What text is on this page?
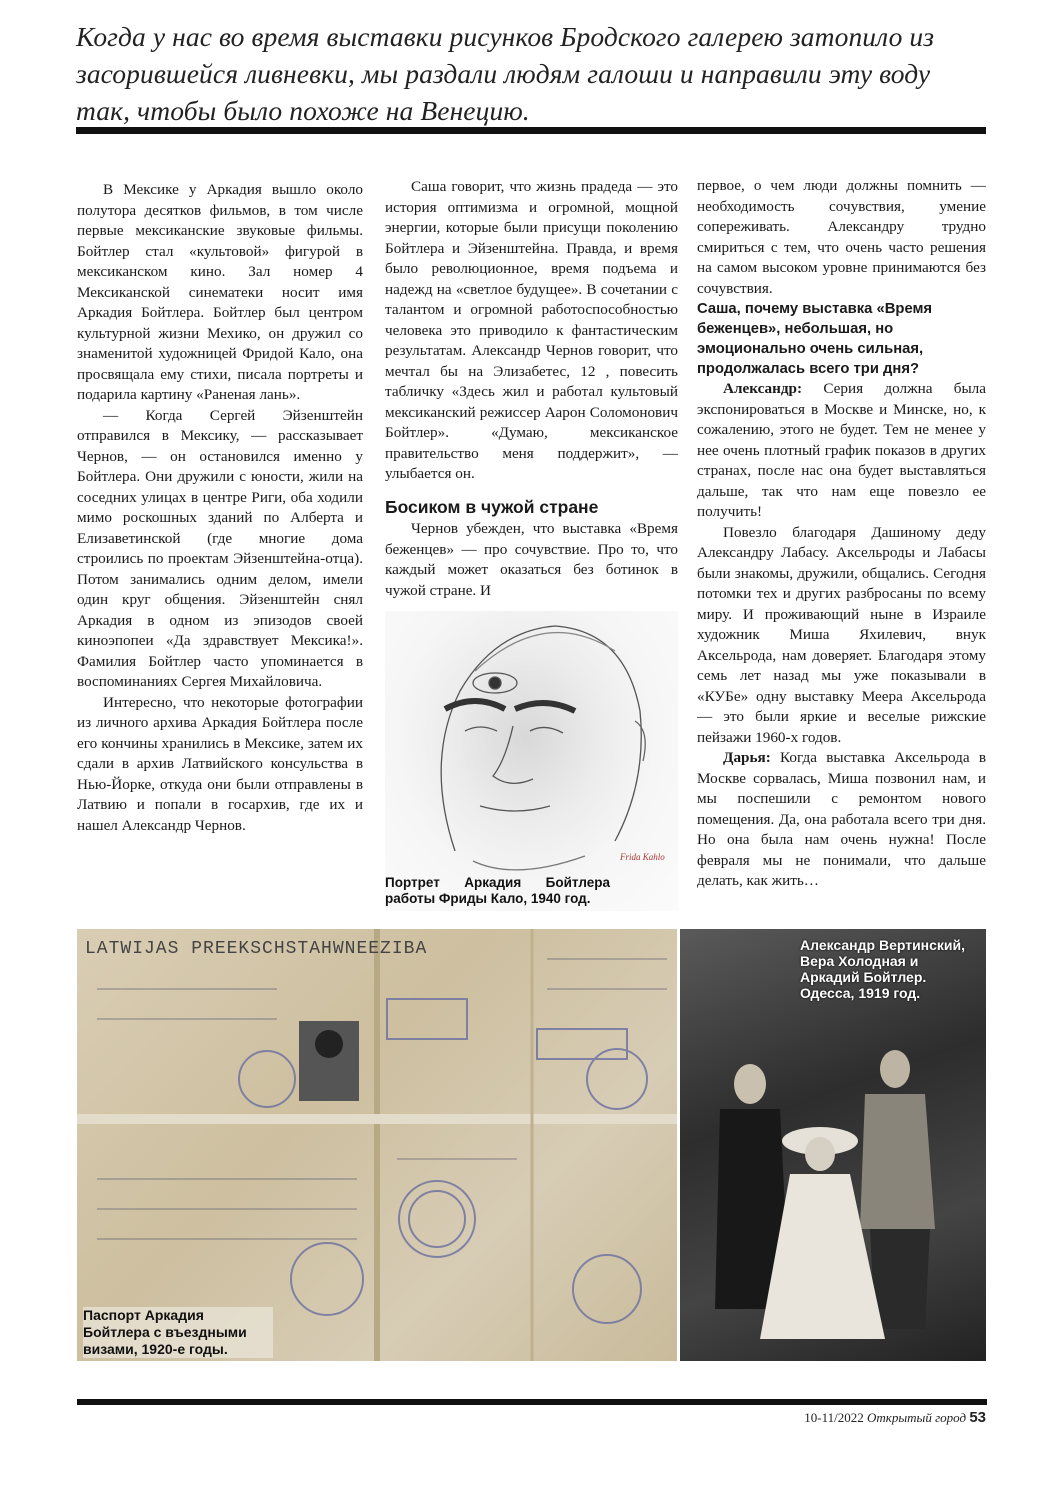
Когда у нас во время выставки рисунков Бродского галерею затопило из засорившейся ливневки, мы раздали людям галоши и направили эту воду так, чтобы было похоже на Венецию.

В Мексике у Аркадия вышло около полутора десятков фильмов, в том числе первые мексиканские звуковые фильмы. Бойтлер стал «культовой» фигурой в мексиканском кино. Зал номер 4 Мексиканской синематеки носит имя Аркадия Бойтлера. Бойтлер был центром культурной жизни Мехико, он дружил со знаменитой художницей Фридой Кало, она просвящала ему стихи, писала портреты и подарила картину «Раненая лань».

— Когда Сергей Эйзенштейн отправился в Мексику, — рассказывает Чернов, — он остановился именно у Бойтлера. Они дружили с юности, жили на соседних улицах в центре Риги, оба ходили мимо роскошных зданий по Алберта и Елизаветинской (где многие дома строились по проектам Эйзенштейна-отца). Потом занимались одним делом, имели один круг общения. Эйзенштейн снял Аркадия в одном из эпизодов своей киноэпопеи «Да здравствует Мексика!». Фамилия Бойтлер часто упоминается в воспоминаниях Сергея Михайловича.

Интересно, что некоторые фотографии из личного архива Аркадия Бойтлера после его кончины хранились в Мексике, затем их сдали в архив Латвийского консульства в Нью-Йорке, откуда они были отправлены в Латвию и попали в госархив, где их и нашел Александр Чернов.

Саша говорит, что жизнь прадеда — это история оптимизма и огромной, мощной энергии, которые были присущи поколению Бойтлера и Эйзенштейна. Правда, и время было революционное, время подъема и надежд на «светлое будущее». В сочетании с талантом и огромной работоспособностью человека это приводило к фантастическим результатам. Александр Чернов говорит, что мечтал бы на Элизабетес, 12 , повесить табличку «Здесь жил и работал культовый мексиканский режиссер Аарон Соломонович Бойтлер». «Думаю, мексиканское правительство меня поддержит», — улыбается он.

Босиком в чужой стране

Чернов убежден, что выставка «Время беженцев» — про сочувствие. Про то, что каждый может оказаться без ботинок в чужой стране. И

Frida Kahlo
Портрет Аркадия Бойтлера работы Фриды Кало, 1940 год.

первое, о чем люди должны помнить — необходимость сочувствия, умение сопереживать. Александру трудно смириться с тем, что очень часто решения на самом высоком уровне принимаются без сочувствия.

Саша, почему выставка «Время беженцев», небольшая, но эмоционально очень сильная, продолжалась всего три дня?

Александр: Серия должна была экспонироваться в Москве и Минске, но, к сожалению, этого не будет. Тем не менее у нее очень плотный график показов в других странах, после нас она будет выставляться дальше, так что нам еще повезло ее получить!

Повезло благодаря Дашиному деду Александру Лабасу. Аксельроды и Лабасы были знакомы, дружили, общались. Сегодня потомки тех и других разбросаны по всему миру. И проживающий ныне в Израиле художник Миша Яхилевич, внук Аксельрода, нам доверяет. Благодаря этому семь лет назад мы уже показывали в «КУБе» одну выставку Меера Аксельрода — это были яркие и веселые рижские пейзажи 1960-х годов.

Дарья: Когда выставка Аксельрода в Москве сорвалась, Миша позвонил нам, и мы поспешили с ремонтом нового помещения. Да, она работала всего три дня. Но она была нам очень нужна! После февраля мы не понимали, что дальше делать, как жить…

LATWIJAS PREEKSCHSTAHWNEEZIBA
Паспорт Аркадия Бойтлера с въездными визами, 1920-е годы.
Александр Вертинский, Вера Холодная и Аркадий Бойтлер. Одесса, 1919 год.
10-11/2022 Открытый город 53
